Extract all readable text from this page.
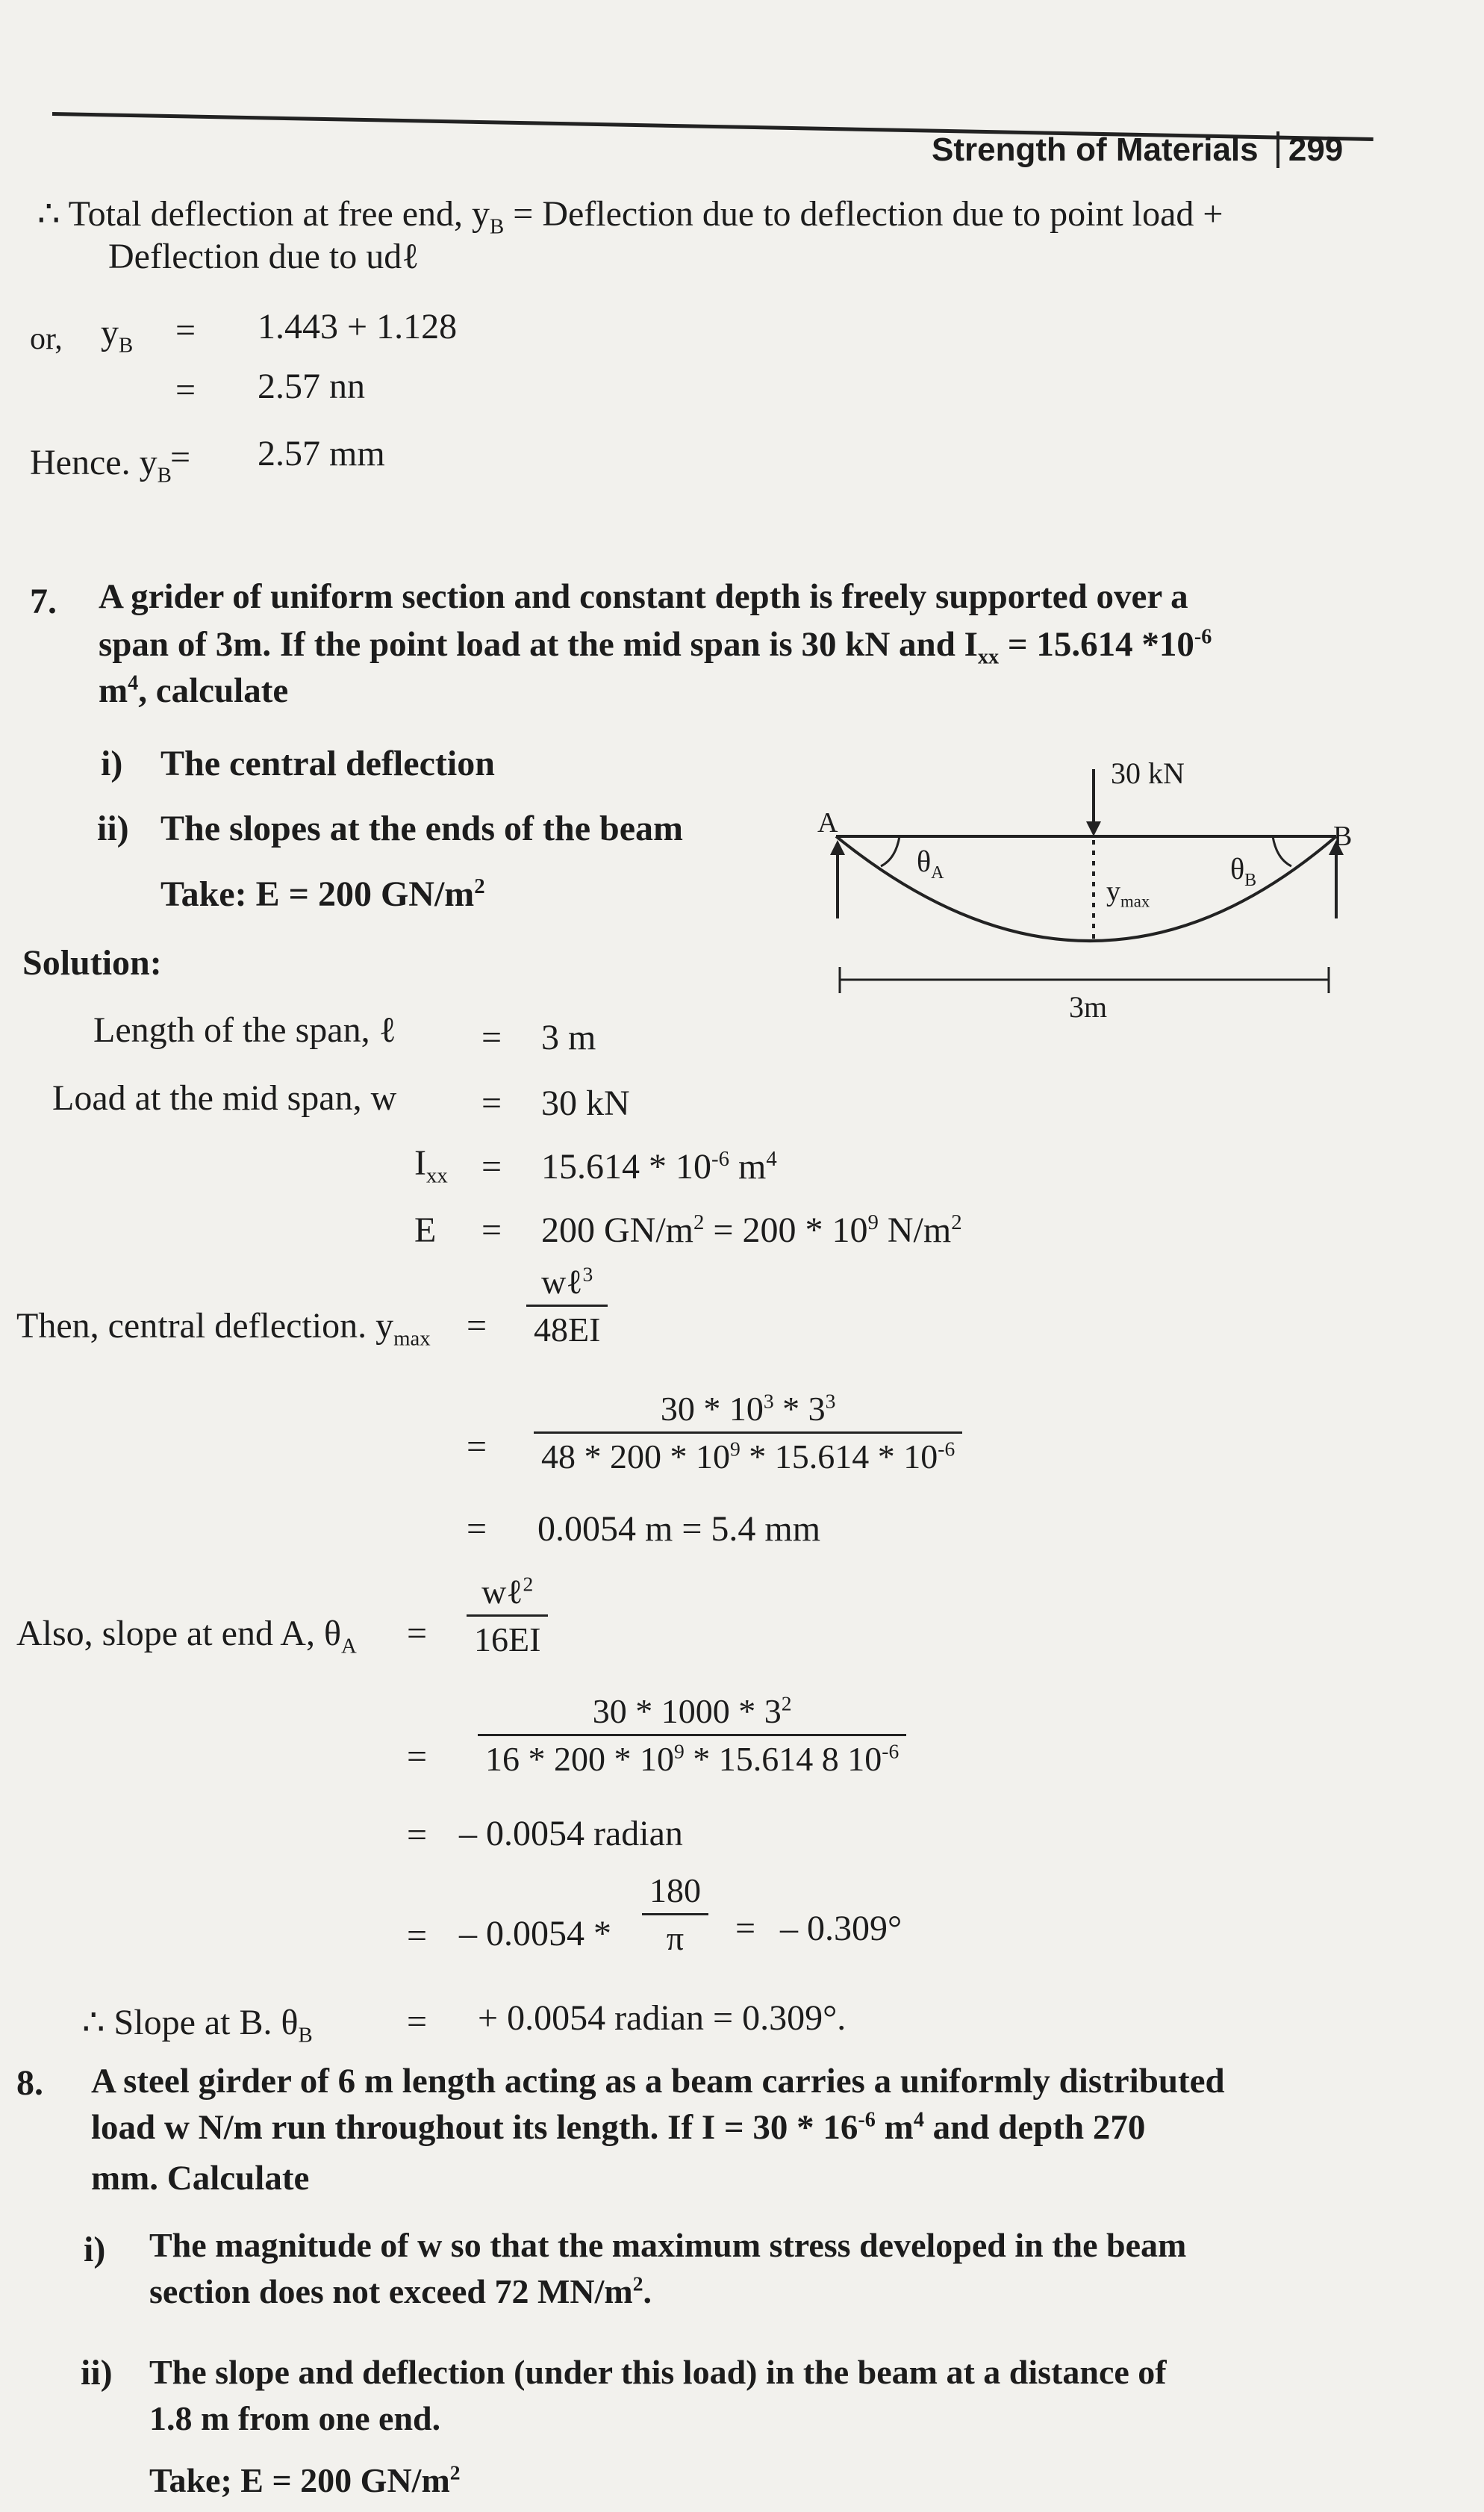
Strength of Materials 299
∴ Total deflection at free end, $y_B$ = Deflection due to deflection due to point load +
Deflection due to udℓ
or, $y_B = 1.443 + 1.128$
= 2.57 nn
Hence. $y_B$
= 2.57 mm
7. A grider of uniform section and constant depth is freely supported over a
span of 3m. If the point load at the mid span is 30 kN and $I_{xx} = 15.614$ $*10^{-6}$
$m^4$, calculate
i) The central deflection
ii) The slopes at the ends of the beam
Take: E = 200 $GN/m^2$
30 kN
A	B
$\theta_A$	$\theta_B$
$y_{max}$
3m
Solution:
Length of the span, ℓ = 3 m
Load at the mid span, w = 30 kN
$I_{xx} = 15.614 * 10^{-6}$ $m^4$
E = 200 $GN/m^2 = 200 * 10^9$ $N/m^2$
Then, central deflection. $y_{max}$ =
wℓ$^3$
48EI
=
$30 * 10^3 * 3^3$
$48 * 200 * 10^9 * 15.614 * 10^{-6}$
= 0.0054 m = 5.4 mm
Also, slope at end A, $\theta_A$ =
wℓ$^2$
16EI
=
$30 * 1000 * 3^2$
$16 * 200 * 10^9 * 15.614$ 8 $10^{-6}$
= – 0.0054 radian
= – 0.0054 *
180
π	= – 0.309°
∴ Slope at B. $\theta_B$	= + 0.0054 radian = 0.309°.
8. A steel girder of 6 m length acting as a beam carries a uniformly distributed
load w N/m run throughout its length. If $I = 30 * 16^{-6}$ $m^4$ and depth 270
mm. Calculate
i) The magnitude of w so that the maximum stress developed in the beam
section does not exceed 72 $MN/m^2$.
ii) The slope and deflection (under this load) in the beam at a distance of
1.8 m from one end.
Take; E = 200 $GN/m^2$
